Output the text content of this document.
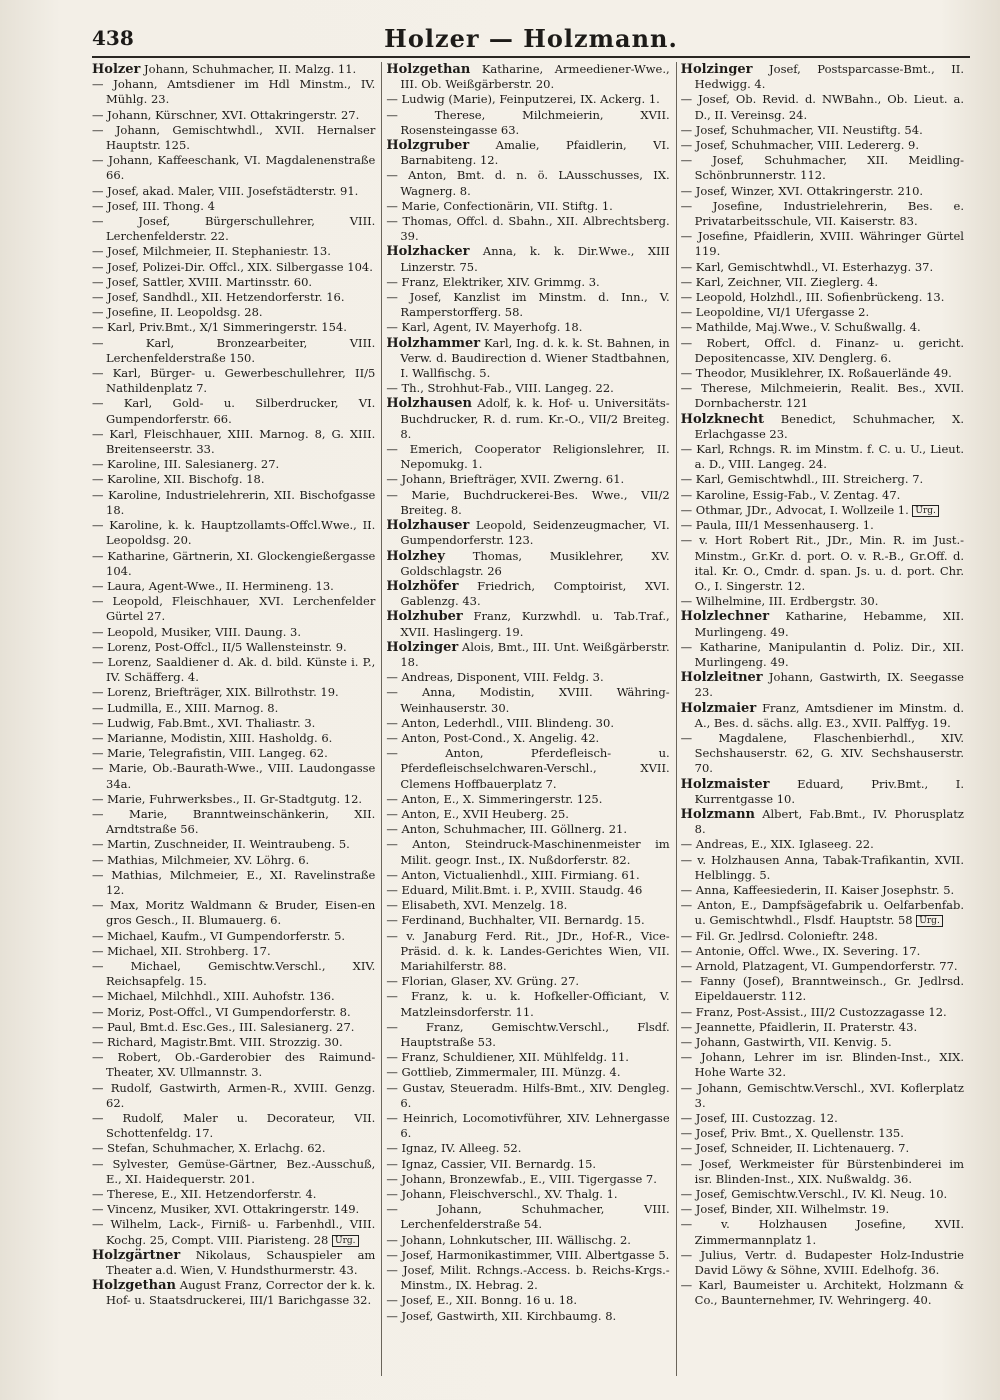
438	Holzer — Holzmann.
Holzer Johann, Schuhmacher, II. Malzg. 11.
— Johann, Amtsdiener im Hdl Minstm., IV. Mühlg. 23.
— Johann, Kürschner, XVI. Ottakringerstr. 27.
— Johann, Gemischtwhdl., XVII. Hernalser Hauptstr. 125.
— Johann, Kaffeeschank, VI. Magdalenenstraße 66.
— Josef, akad. Maler, VIII. Josefstädterstr. 91.
— Josef, III. Thong. 4
— Josef, Bürgerschullehrer, VIII. Lerchenfelderstr. 22.
— Josef, Milchmeier, II. Stephaniestr. 13.
— Josef, Polizei-Dir. Offcl., XIX. Silbergasse 104.
— Josef, Sattler, XVIII. Martinsstr. 60.
— Josef, Sandhdl., XII. Hetzendorferstr. 16.
— Josefine, II. Leopoldsg. 28.
— Karl, Priv.Bmt., X/1 Simmeringerstr. 154.
— Karl, Bronzearbeiter, VIII. Lerchenfelderstraße 150.
— Karl, Bürger- u. Gewerbeschullehrer, II/5 Nathildenplatz 7.
— Karl, Gold- u. Silberdrucker, VI. Gumpendorferstr. 66.
— Karl, Fleischhauer, XIII. Marnog. 8, G. XIII. Breitenseerstr. 33.
— Karoline, III. Salesianerg. 27.
— Karoline, XII. Bischofg. 18.
— Karoline, Industrielehrerin, XII. Bischofgasse 18.
— Karoline, k. k. Hauptzollamts-Offcl.Wwe., II. Leopoldsg. 20.
— Katharine, Gärtnerin, XI. Glockengießergasse 104.
— Laura, Agent-Wwe., II. Hermineng. 13.
— Leopold, Fleischhauer, XVI. Lerchenfelder Gürtel 27.
— Leopold, Musiker, VIII. Daung. 3.
— Lorenz, Post-Offcl., II/5 Wallensteinstr. 9.
— Lorenz, Saaldiener d. Ak. d. bild. Künste i. P., IV. Schäfferg. 4.
— Lorenz, Briefträger, XIX. Billrothstr. 19.
— Ludmilla, E., XIII. Marnog. 8.
— Ludwig, Fab.Bmt., XVI. Thaliastr. 3.
— Marianne, Modistin, XIII. Hasholdg. 6.
— Marie, Telegrafistin, VIII. Langeg. 62.
— Marie, Ob.-Baurath-Wwe., VIII. Laudongasse 34a.
— Marie, Fuhrwerksbes., II. Gr-Stadtgutg. 12.
— Marie, Branntweinschänkerin, XII. Arndtstraße 56.
— Martin, Zuschneider, II. Weintraubeng. 5.
— Mathias, Milchmeier, XV. Löhrg. 6.
— Mathias, Milchmeier, E., XI. Ravelinstraße 12.
— Max, Moritz Waldmann & Bruder, Eisen-en gros Gesch., II. Blumauerg. 6.
— Michael, Kaufm., VI Gumpendorferstr. 5.
— Michael, XII. Strohberg. 17.
— Michael, Gemischtw.Verschl., XIV. Reichsapfelg. 15.
— Michael, Milchhdl., XIII. Auhofstr. 136.
— Moriz, Post-Offcl., VI Gumpendorferstr. 8.
— Paul, Bmt.d. Esc.Ges., III. Salesianerg. 27.
— Richard, Magistr.Bmt. VIII. Strozzig. 30.
— Robert, Ob.-Garderobier des Raimund-Theater, XV. Ullmannstr. 3.
— Rudolf, Gastwirth, Armen-R., XVIII. Genzg. 62.
— Rudolf, Maler u. Decorateur, VII. Schottenfeldg. 17.
— Stefan, Schuhmacher, X. Erlachg. 62.
— Sylvester, Gemüse-Gärtner, Bez.-Ausschuß, E., XI. Haidequerstr. 201.
— Therese, E., XII. Hetzendorferstr. 4.
— Vincenz, Musiker, XVI. Ottakringerstr. 149.
— Wilhelm, Lack-, Firniß- u. Farbenhdl., VIII. Kochg. 25, Compt. VIII. Piaristeng. 28 Urg.
Holzgärtner Nikolaus, Schauspieler am Theater a.d. Wien, V. Hundsthurmerstr. 43.
Holzgethan August Franz, Corrector der k. k. Hof- u. Staatsdruckerei, III/1 Barichgasse 32.
Holzgethan Katharine, Armeediener-Wwe., III. Ob. Weißgärberstr. 20.
— Ludwig (Marie), Feinputzerei, IX. Ackerg. 1.
— Therese, Milchmeierin, XVII. Rosensteingasse 63.
Holzgruber Amalie, Pfaidlerin, VI. Barnabiteng. 12.
— Anton, Bmt. d. n. ö. LAusschusses, IX. Wagnerg. 8.
— Marie, Confectionärin, VII. Stiftg. 1.
— Thomas, Offcl. d. Sbahn., XII. Albrechtsberg. 39.
Holzhacker Anna, k. k. Dir.Wwe., XIII Linzerstr. 75.
— Franz, Elektriker, XIV. Grimmg. 3.
— Josef, Kanzlist im Minstm. d. Inn., V. Ramperstorfferg. 58.
— Karl, Agent, IV. Mayerhofg. 18.
Holzhammer Karl, Ing. d. k. k. St. Bahnen, in Verw. d. Baudirection d. Wiener Stadtbahnen, I. Wallfischg. 5.
— Th., Strohhut-Fab., VIII. Langeg. 22.
Holzhausen Adolf, k. k. Hof- u. Universitäts-Buchdrucker, R. d. rum. Kr.-O., VII/2 Breiteg. 8.
— Emerich, Cooperator Religionslehrer, II. Nepomukg. 1.
— Johann, Briefträger, XVII. Zwerng. 61.
— Marie, Buchdruckerei-Bes. Wwe., VII/2 Breiteg. 8.
Holzhauser Leopold, Seidenzeugmacher, VI. Gumpendorferstr. 123.
Holzhey Thomas, Musiklehrer, XV. Goldschlagstr. 26
Holzhöfer Friedrich, Comptoirist, XVI. Gablenzg. 43.
Holzhuber Franz, Kurzwhdl. u. Tab.Traf., XVII. Haslingerg. 19.
Holzinger Alois, Bmt., III. Unt. Weißgärberstr. 18.
— Andreas, Disponent, VIII. Feldg. 3.
— Anna, Modistin, XVIII. Währing-Weinhauserstr. 30.
— Anton, Lederhdl., VIII. Blindeng. 30.
— Anton, Post-Cond., X. Angelig. 42.
— Anton, Pferdefleisch- u. Pferdefleischselchwaren-Verschl., XVII. Clemens Hoffbauerplatz 7.
— Anton, E., X. Simmeringerstr. 125.
— Anton, E., XVII Heuberg. 25.
— Anton, Schuhmacher, III. Göllnerg. 21.
— Anton, Steindruck-Maschinenmeister im Milit. geogr. Inst., IX. Nußdorferstr. 82.
— Anton, Victualienhdl., XIII. Firmiang. 61.
— Eduard, Milit.Bmt. i. P., XVIII. Staudg. 46
— Elisabeth, XVI. Menzelg. 18.
— Ferdinand, Buchhalter, VII. Bernardg. 15.
— v. Janaburg Ferd. Rit., JDr., Hof-R., Vice-Präsid. d. k. k. Landes-Gerichtes Wien, VII. Mariahilferstr. 88.
— Florian, Glaser, XV. Grüng. 27.
— Franz, k. u. k. Hofkeller-Officiant, V. Matzleinsdorferstr. 11.
— Franz, Gemischtw.Verschl., Flsdf. Hauptstraße 53.
— Franz, Schuldiener, XII. Mühlfeldg. 11.
— Gottlieb, Zimmermaler, III. Münzg. 4.
— Gustav, Steueradm. Hilfs-Bmt., XIV. Dengleg. 6.
— Heinrich, Locomotivführer, XIV. Lehnergasse 6.
— Ignaz, IV. Alleeg. 52.
— Ignaz, Cassier, VII. Bernardg. 15.
— Johann, Bronzewfab., E., VIII. Tigergasse 7.
— Johann, Fleischverschl., XV. Thalg. 1.
— Johann, Schuhmacher, VIII. Lerchenfelderstraße 54.
— Johann, Lohnkutscher, III. Wällischg. 2.
— Josef, Harmonikastimmer, VIII. Albertgasse 5.
— Josef, Milit. Rchngs.-Access. b. Reichs-Krgs.-Minstm., IX. Hebrag. 2.
— Josef, E., XII. Bonng. 16 u. 18.
— Josef, Gastwirth, XII. Kirchbaumg. 8.
Holzinger Josef, Postsparcasse-Bmt., II. Hedwigg. 4.
— Josef, Ob. Revid. d. NWBahn., Ob. Lieut. a. D., II. Vereinsg. 24.
— Josef, Schuhmacher, VII. Neustiftg. 54.
— Josef, Schuhmacher, VIII. Ledererg. 9.
— Josef, Schuhmacher, XII. Meidling-Schönbrunnerstr. 112.
— Josef, Winzer, XVI. Ottakringerstr. 210.
— Josefine, Industrielehrerin, Bes. e. Privatarbeitsschule, VII. Kaiserstr. 83.
— Josefine, Pfaidlerin, XVIII. Währinger Gürtel 119.
— Karl, Gemischtwhdl., VI. Esterhazyg. 37.
— Karl, Zeichner, VII. Zieglerg. 4.
— Leopold, Holzhdl., III. Sofienbrückeng. 13.
— Leopoldine, VI/1 Ufergasse 2.
— Mathilde, Maj.Wwe., V. Schußwallg. 4.
— Robert, Offcl. d. Finanz- u. gericht. Depositencasse, XIV. Denglerg. 6.
— Theodor, Musiklehrer, IX. Roßauerlände 49.
— Therese, Milchmeierin, Realit. Bes., XVII. Dornbacherstr. 121
Holzknecht Benedict, Schuhmacher, X. Erlachgasse 23.
— Karl, Rchngs. R. im Minstm. f. C. u. U., Lieut. a. D., VIII. Langeg. 24.
— Karl, Gemischtwhdl., III. Streicherg. 7.
— Karoline, Essig-Fab., V. Zentag. 47.
— Othmar, JDr., Advocat, I. Wollzeile 1. Urg.
— Paula, III/1 Messenhauserg. 1.
— v. Hort Robert Rit., JDr., Min. R. im Just.-Minstm., Gr.Kr. d. port. O. v. R.-B., Gr.Off. d. ital. Kr. O., Cmdr. d. span. Js. u. d. port. Chr. O., I. Singerstr. 12.
— Wilhelmine, III. Erdbergstr. 30.
Holzlechner Katharine, Hebamme, XII. Murlingeng. 49.
— Katharine, Manipulantin d. Poliz. Dir., XII. Murlingeng. 49.
Holzleitner Johann, Gastwirth, IX. Seegasse 23.
Holzmaier Franz, Amtsdiener im Minstm. d. A., Bes. d. sächs. allg. E3., XVII. Palffyg. 19.
— Magdalene, Flaschenbierhdl., XIV. Sechshauserstr. 62, G. XIV. Sechshauserstr. 70.
Holzmaister Eduard, Priv.Bmt., I. Kurrentgasse 10.
Holzmann Albert, Fab.Bmt., IV. Phorusplatz 8.
— Andreas, E., XIX. Iglaseeg. 22.
— v. Holzhausen Anna, Tabak-Trafikantin, XVII. Helblingg. 5.
— Anna, Kaffeesiederin, II. Kaiser Josephstr. 5.
— Anton, E., Dampfsägefabrik u. Oelfarbenfab. u. Gemischtwhdl., Flsdf. Hauptstr. 58 Urg.
— Fil. Gr. Jedlrsd. Colonieftr. 248.
— Antonie, Offcl. Wwe., IX. Severing. 17.
— Arnold, Platzagent, VI. Gumpendorferstr. 77.
— Fanny (Josef), Branntweinsch., Gr. Jedlrsd. Eipeldauerstr. 112.
— Franz, Post-Assist., III/2 Custozzagasse 12.
— Jeannette, Pfaidlerin, II. Praterstr. 43.
— Johann, Gastwirth, VII. Kenvig. 5.
— Johann, Lehrer im isr. Blinden-Inst., XIX. Hohe Warte 32.
— Johann, Gemischtw.Verschl., XVI. Koflerplatz 3.
— Josef, III. Custozzag. 12.
— Josef, Priv. Bmt., X. Quellenstr. 135.
— Josef, Schneider, II. Lichtenauerg. 7.
— Josef, Werkmeister für Bürstenbinderei im isr. Blinden-Inst., XIX. Nußwaldg. 36.
— Josef, Gemischtw.Verschl., IV. Kl. Neug. 10.
— Josef, Binder, XII. Wilhelmstr. 19.
— v. Holzhausen Josefine, XVII. Zimmermannplatz 1.
— Julius, Vertr. d. Budapester Holz-Industrie David Löwy & Söhne, XVIII. Edelhofg. 36.
— Karl, Baumeister u. Architekt, Holzmann & Co., Baunternehmer, IV. Wehringerg. 40.
